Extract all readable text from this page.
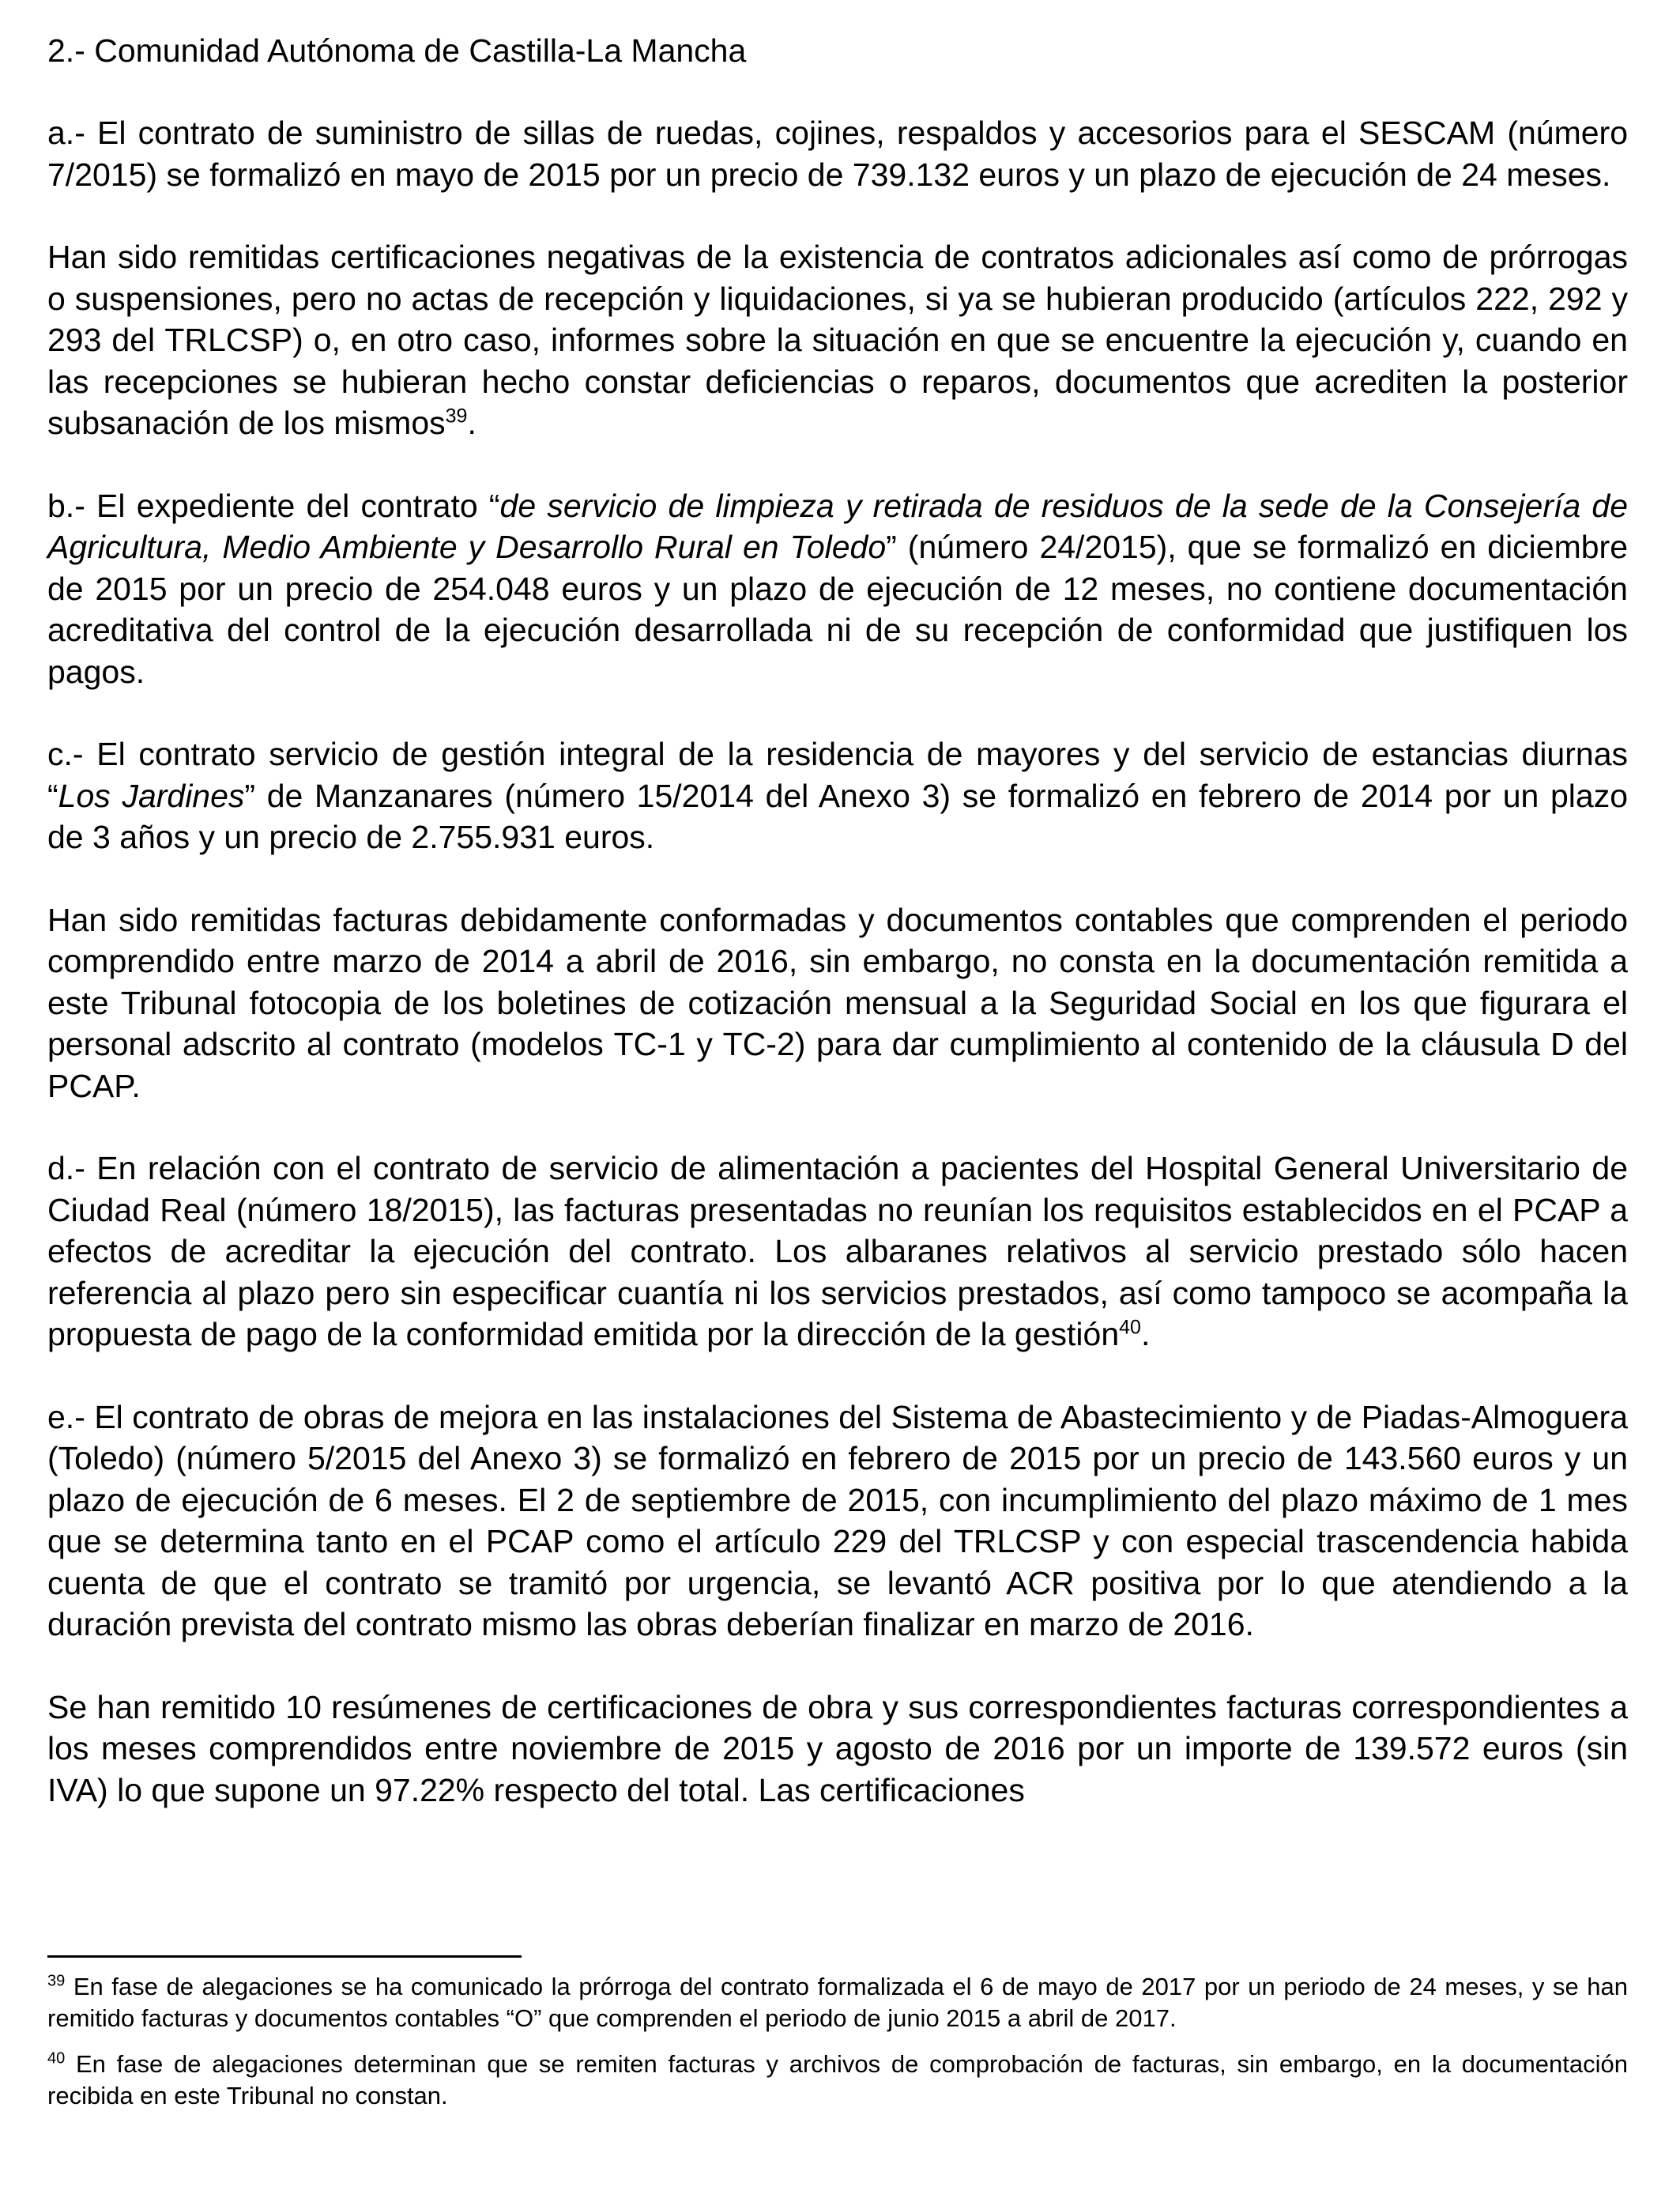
2.- Comunidad Autónoma de Castilla-La Mancha

a.- El contrato de suministro de sillas de ruedas, cojines, respaldos y accesorios para el SESCAM (número 7/2015) se formalizó en mayo de 2015 por un precio de 739.132 euros y un plazo de ejecución de 24 meses.

Han sido remitidas certificaciones negativas de la existencia de contratos adicionales así como de prórrogas o suspensiones, pero no actas de recepción y liquidaciones, si ya se hubieran producido (artículos 222, 292 y 293 del TRLCSP) o, en otro caso, informes sobre la situación en que se encuentre la ejecución y, cuando en las recepciones se hubieran hecho constar deficiencias o reparos, documentos que acrediten la posterior subsanación de los mismos$^{39}$.

b.- El expediente del contrato “de servicio de limpieza y retirada de residuos de la sede de la Consejería de Agricultura, Medio Ambiente y Desarrollo Rural en Toledo” (número 24/2015), que se formalizó en diciembre de 2015 por un precio de 254.048 euros y un plazo de ejecución de 12 meses, no contiene documentación acreditativa del control de la ejecución desarrollada ni de su recepción de conformidad que justifiquen los pagos.

c.- El contrato servicio de gestión integral de la residencia de mayores y del servicio de estancias diurnas “Los Jardines” de Manzanares (número 15/2014 del Anexo 3) se formalizó en febrero de 2014 por un plazo de 3 años y un precio de 2.755.931 euros.

Han sido remitidas facturas debidamente conformadas y documentos contables que comprenden el periodo comprendido entre marzo de 2014 a abril de 2016, sin embargo, no consta en la documentación remitida a este Tribunal fotocopia de los boletines de cotización mensual a la Seguridad Social en los que figurara el personal adscrito al contrato (modelos TC-1 y TC-2) para dar cumplimiento al contenido de la cláusula D del PCAP.

d.- En relación con el contrato de servicio de alimentación a pacientes del Hospital General Universitario de Ciudad Real (número 18/2015), las facturas presentadas no reunían los requisitos establecidos en el PCAP a efectos de acreditar la ejecución del contrato. Los albaranes relativos al servicio prestado sólo hacen referencia al plazo pero sin especificar cuantía ni los servicios prestados, así como tampoco se acompaña la propuesta de pago de la conformidad emitida por la dirección de la gestión$^{40}$.

e.- El contrato de obras de mejora en las instalaciones del Sistema de Abastecimiento y de Piadas-Almoguera (Toledo) (número 5/2015 del Anexo 3) se formalizó en febrero de 2015 por un precio de 143.560 euros y un plazo de ejecución de 6 meses. El 2 de septiembre de 2015, con incumplimiento del plazo máximo de 1 mes que se determina tanto en el PCAP como el artículo 229 del TRLCSP y con especial trascendencia habida cuenta de que el contrato se tramitó por urgencia, se levantó ACR positiva por lo que atendiendo a la duración prevista del contrato mismo las obras deberían finalizar en marzo de 2016.

Se han remitido 10 resúmenes de certificaciones de obra y sus correspondientes facturas correspondientes a los meses comprendidos entre noviembre de 2015 y agosto de 2016 por un importe de 139.572 euros (sin IVA) lo que supone un 97.22% respecto del total. Las certificaciones

$^{39}$ En fase de alegaciones se ha comunicado la prórroga del contrato formalizada el 6 de mayo de 2017 por un periodo de 24 meses, y se han remitido facturas y documentos contables “O” que comprenden el periodo de junio 2015 a abril de 2017.

$^{40}$ En fase de alegaciones determinan que se remiten facturas y archivos de comprobación de facturas, sin embargo, en la documentación recibida en este Tribunal no constan.
